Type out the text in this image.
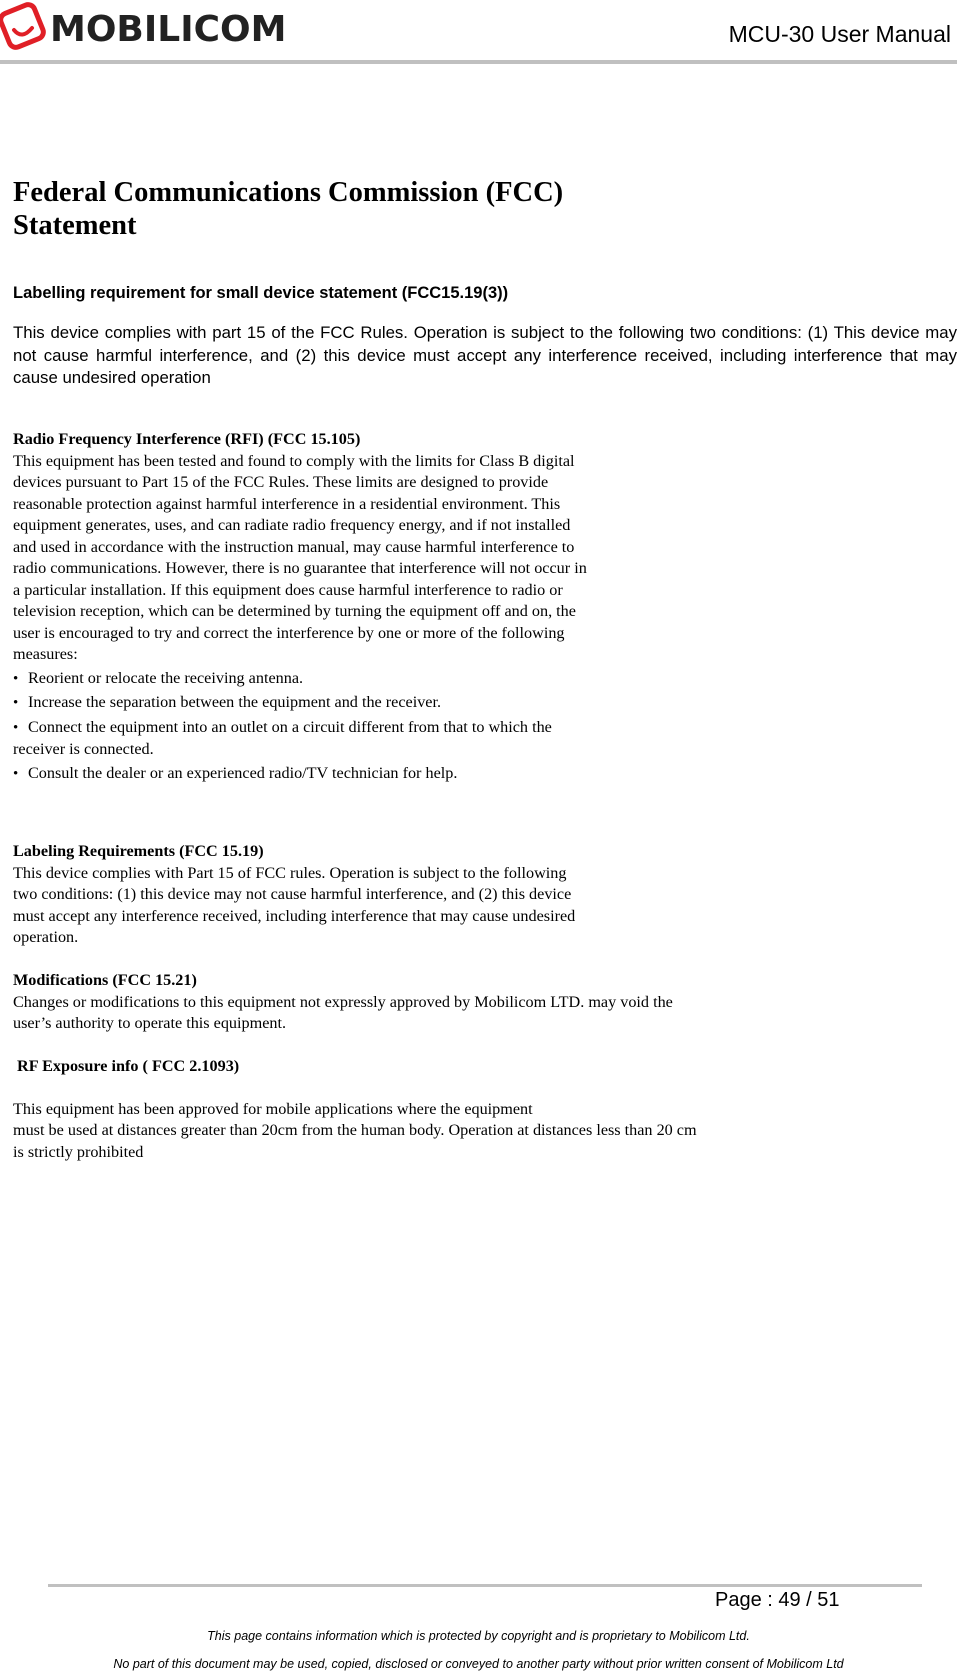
MOBILICOM	MCU-30 User Manual
Federal Communications Commission (FCC)
Statement
Labelling requirement for small device statement (FCC15.19(3))

This device complies with part 15 of the FCC Rules. Operation is subject to the following two conditions: (1) This device may not cause harmful interference, and (2) this device must accept any interference received, including interference that may cause undesired operation

Radio Frequency Interference (RFI) (FCC 15.105)
This equipment has been tested and found to comply with the limits for Class B digital
devices pursuant to Part 15 of the FCC Rules. These limits are designed to provide
reasonable protection against harmful interference in a residential environment. This
equipment generates, uses, and can radiate radio frequency energy, and if not installed
and used in accordance with the instruction manual, may cause harmful interference to
radio communications. However, there is no guarantee that interference will not occur in
a particular installation. If this equipment does cause harmful interference to radio or
television reception, which can be determined by turning the equipment off and on, the
user is encouraged to try and correct the interference by one or more of the following
measures:
• Reorient or relocate the receiving antenna.
• Increase the separation between the equipment and the receiver.
• Connect the equipment into an outlet on a circuit different from that to which the
receiver is connected.
• Consult the dealer or an experienced radio/TV technician for help.
Labeling Requirements (FCC 15.19)
This device complies with Part 15 of FCC rules. Operation is subject to the following
two conditions: (1) this device may not cause harmful interference, and (2) this device
must accept any interference received, including interference that may cause undesired
operation.
Modifications (FCC 15.21)
Changes or modifications to this equipment not expressly approved by Mobilicom LTD. may void the
user’s authority to operate this equipment.
RF Exposure info ( FCC 2.1093)
This equipment has been approved for mobile applications where the equipment
must be used at distances greater than 20cm from the human body. Operation at distances less than 20 cm
is strictly prohibited
Page : 49 / 51
This page contains information which is protected by copyright and is proprietary to Mobilicom Ltd.
No part of this document may be used, copied, disclosed or conveyed to another party without prior written consent of Mobilicom Ltd
